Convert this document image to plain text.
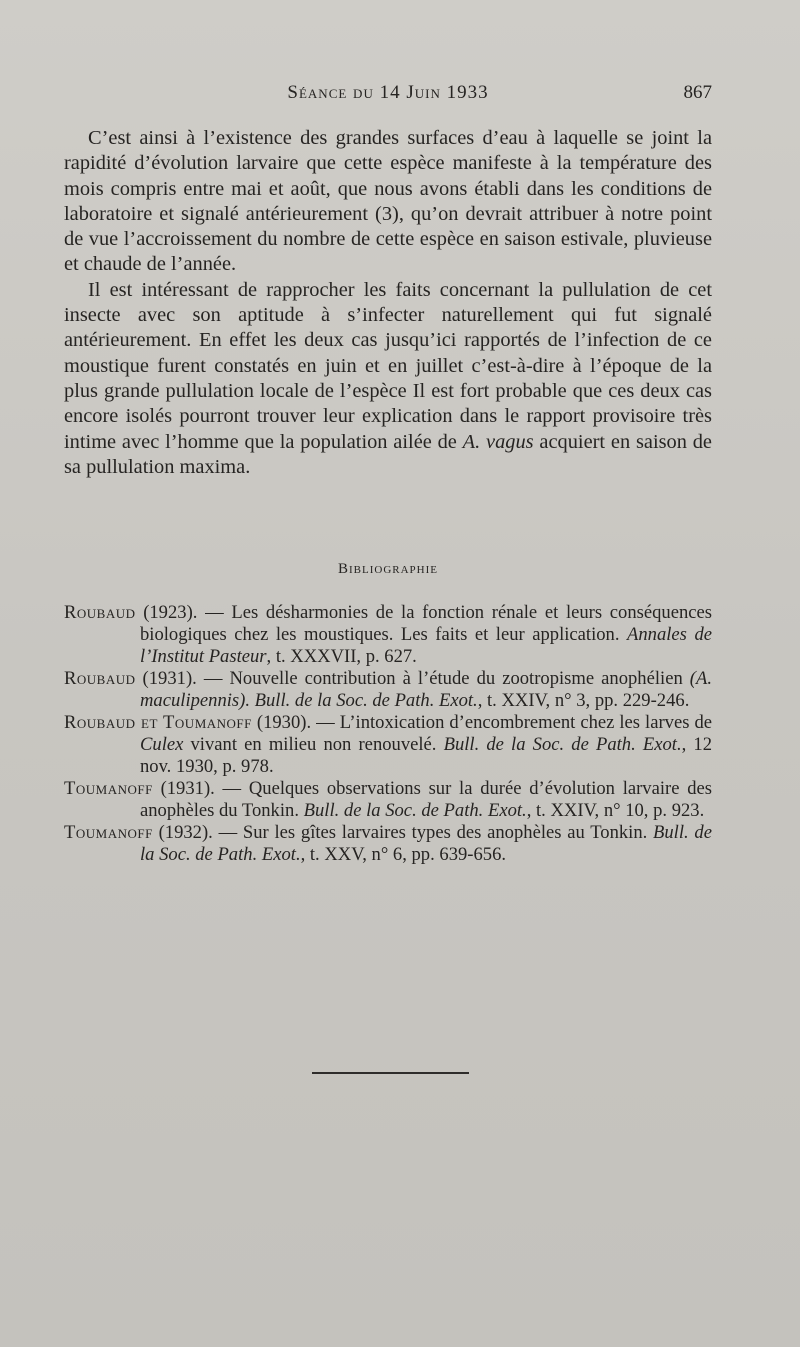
Séance du 14 Juin 1933	867

C’est ainsi à l’existence des grandes surfaces d’eau à laquelle se joint la rapidité d’évolution larvaire que cette espèce manifeste à la température des mois compris entre mai et août, que nous avons établi dans les conditions de laboratoire et signalé antérieurement (3), qu’on devrait attribuer à notre point de vue l’accroissement du nombre de cette espèce en saison estivale, pluvieuse et chaude de l’année.

Il est intéressant de rapprocher les faits concernant la pullulation de cet insecte avec son aptitude à s’infecter naturellement qui fut signalé antérieurement. En effet les deux cas jusqu’ici rapportés de l’infection de ce moustique furent constatés en juin et en juillet c’est-à-dire à l’époque de la plus grande pullulation locale de l’espèce Il est fort probable que ces deux cas encore isolés pourront trouver leur explication dans le rapport provisoire très intime avec l’homme que la population ailée de A. vagus acquiert en saison de sa pullulation maxima.

Bibliographie

Roubaud (1923). — Les désharmonies de la fonction rénale et leurs conséquences biologiques chez les moustiques. Les faits et leur application. Annales de l’Institut Pasteur, t. XXXVII, p. 627.

Roubaud (1931). — Nouvelle contribution à l’étude du zootropisme anophélien (A. maculipennis). Bull. de la Soc. de Path. Exot., t. XXIV, n° 3, pp. 229-246.

Roubaud et Toumanoff (1930). — L’intoxication d’encombrement chez les larves de Culex vivant en milieu non renouvelé. Bull. de la Soc. de Path. Exot., 12 nov. 1930, p. 978.

Toumanoff (1931). — Quelques observations sur la durée d’évolution larvaire des anophèles du Tonkin. Bull. de la Soc. de Path. Exot., t. XXIV, n° 10, p. 923.

Toumanoff (1932). — Sur les gîtes larvaires types des anophèles au Tonkin. Bull. de la Soc. de Path. Exot., t. XXV, n° 6, pp. 639-656.
